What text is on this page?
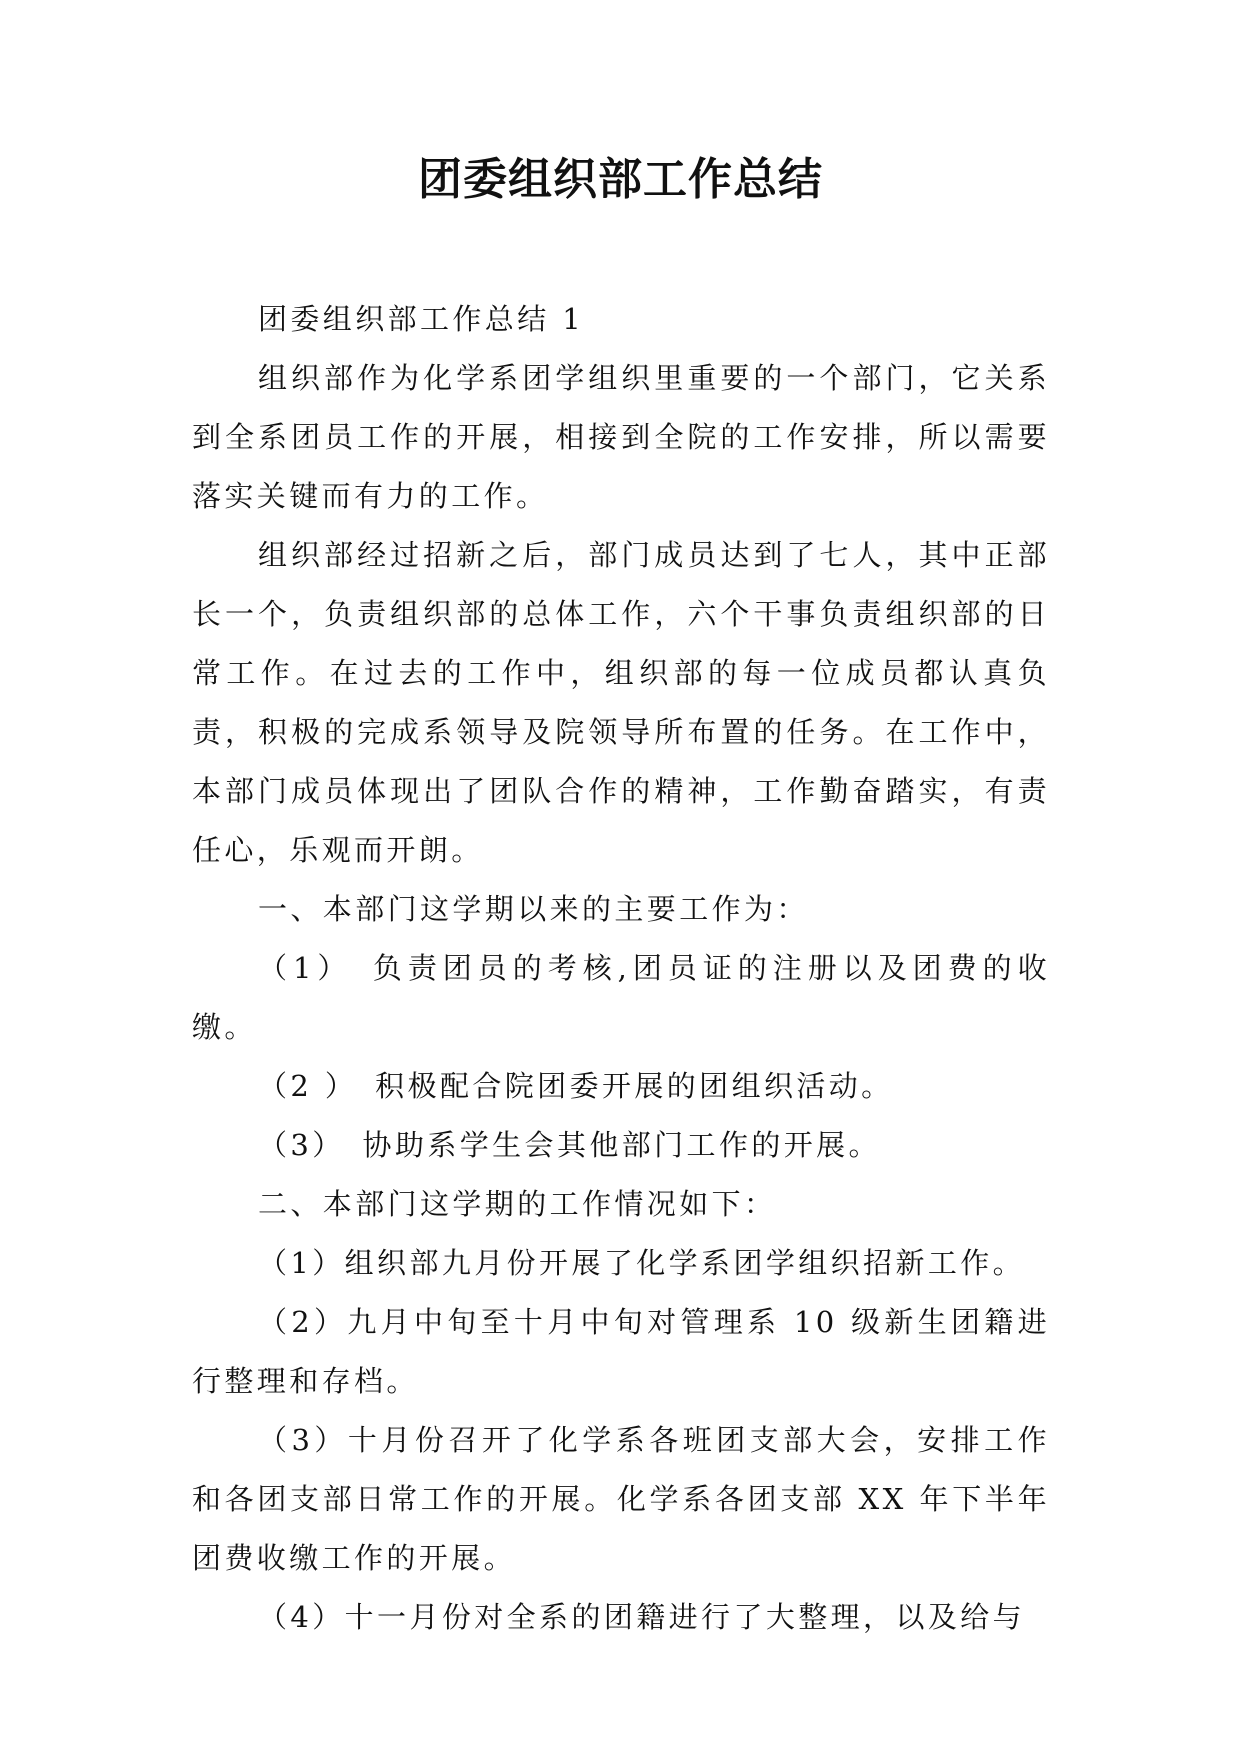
团委组织部工作总结

团委组织部工作总结 1

组织部作为化学系团学组织里重要的一个部门，它关系到全系团员工作的开展，相接到全院的工作安排，所以需要落实关键而有力的工作。

组织部经过招新之后，部门成员达到了七人，其中正部长一个，负责组织部的总体工作，六个干事负责组织部的日常工作。在过去的工作中，组织部的每一位成员都认真负责，积极的完成系领导及院领导所布置的任务。在工作中，本部门成员体现出了团队合作的精神，工作勤奋踏实，有责任心，乐观而开朗。

一、本部门这学期以来的主要工作为：

（1）　负责团员的考核,团员证的注册以及团费的收缴。

（2 ）　积极配合院团委开展的团组织活动。

（3）　协助系学生会其他部门工作的开展。

二、本部门这学期的工作情况如下：

（1）组织部九月份开展了化学系团学组织招新工作。

（2）九月中旬至十月中旬对管理系 10 级新生团籍进行整理和存档。

（3）十月份召开了化学系各班团支部大会，安排工作和各团支部日常工作的开展。化学系各团支部 XX 年下半年团费收缴工作的开展。

（4）十一月份对全系的团籍进行了大整理，以及给与
